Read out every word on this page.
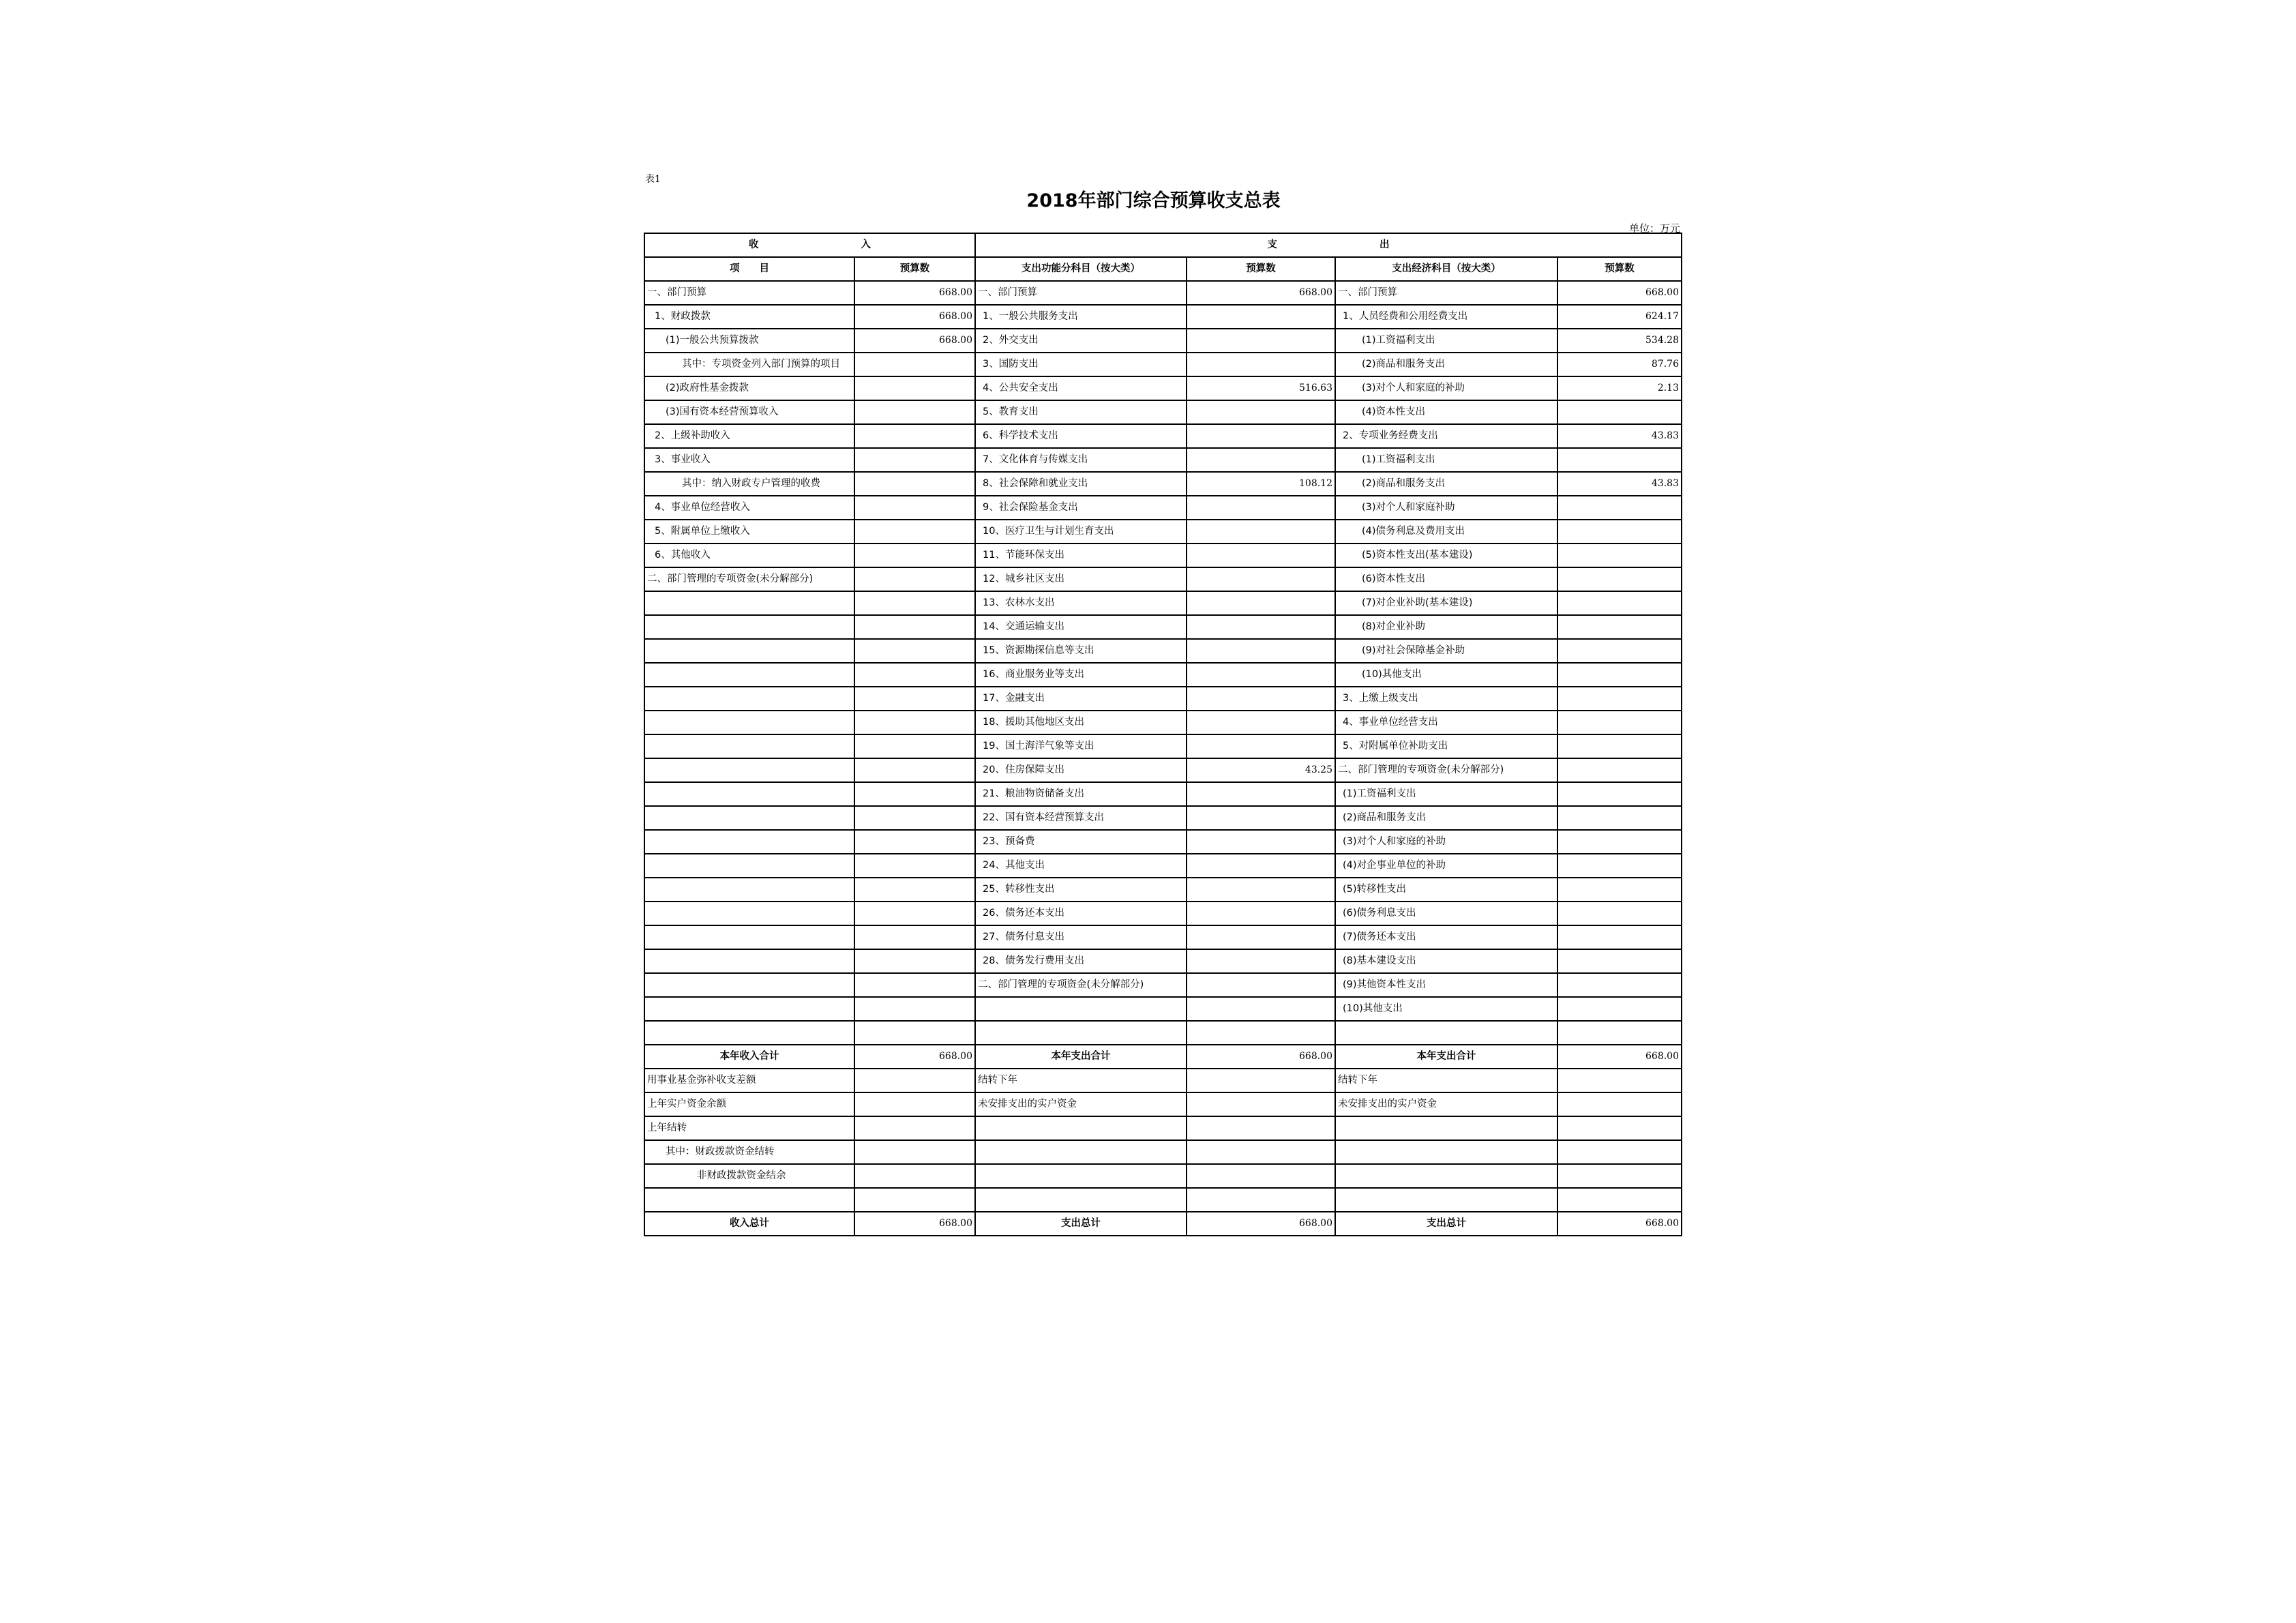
表1
2018年部门综合预算收支总表
单位：万元
收 入		支 出			
项　　目	预算数	支出功能分科目（按大类）	预算数	支出经济科目（按大类）	预算数
一、部门预算	668.00	一、部门预算	668.00	一、部门预算	668.00
1、财政拨款	668.00	1、一般公共服务支出		1、人员经费和公用经费支出	624.17
(1)一般公共预算拨款	668.00	2、外交支出		(1)工资福利支出	534.28
其中：专项资金列入部门预算的项目		3、国防支出		(2)商品和服务支出	87.76
(2)政府性基金拨款		4、公共安全支出	516.63	(3)对个人和家庭的补助	2.13
(3)国有资本经营预算收入		5、教育支出		(4)资本性支出	
2、上级补助收入		6、科学技术支出		2、专项业务经费支出	43.83
3、事业收入		7、文化体育与传媒支出		(1)工资福利支出	
其中：纳入财政专户管理的收费		8、社会保障和就业支出	108.12	(2)商品和服务支出	43.83
4、事业单位经营收入		9、社会保险基金支出		(3)对个人和家庭补助	
5、附属单位上缴收入		10、医疗卫生与计划生育支出		(4)债务利息及费用支出	
6、其他收入		11、节能环保支出		(5)资本性支出(基本建设)	
二、部门管理的专项资金(未分解部分)		12、城乡社区支出		(6)资本性支出	
		13、农林水支出		(7)对企业补助(基本建设)	
		14、交通运输支出		(8)对企业补助	
		15、资源勘探信息等支出		(9)对社会保障基金补助	
		16、商业服务业等支出		(10)其他支出	
		17、金融支出		3、上缴上级支出	
		18、援助其他地区支出		4、事业单位经营支出	
		19、国土海洋气象等支出		5、对附属单位补助支出	
		20、住房保障支出	43.25	二、部门管理的专项资金(未分解部分)	
		21、粮油物资储备支出		(1)工资福利支出	
		22、国有资本经营预算支出		(2)商品和服务支出	
		23、预备费		(3)对个人和家庭的补助	
		24、其他支出		(4)对企事业单位的补助	
		25、转移性支出		(5)转移性支出	
		26、债务还本支出		(6)债务利息支出	
		27、债务付息支出		(7)债务还本支出	
		28、债务发行费用支出		(8)基本建设支出	
		二、部门管理的专项资金(未分解部分)		(9)其他资本性支出	
				(10)其他支出	

本年收入合计	668.00	本年支出合计	668.00	本年支出合计	668.00
用事业基金弥补收支差额		结转下年		结转下年	
上年实户资金余额		未安排支出的实户资金		未安排支出的实户资金	
上年结转					
其中：财政拨款资金结转					
非财政拨款资金结余					

收入总计	668.00	支出总计	668.00	支出总计	668.00
